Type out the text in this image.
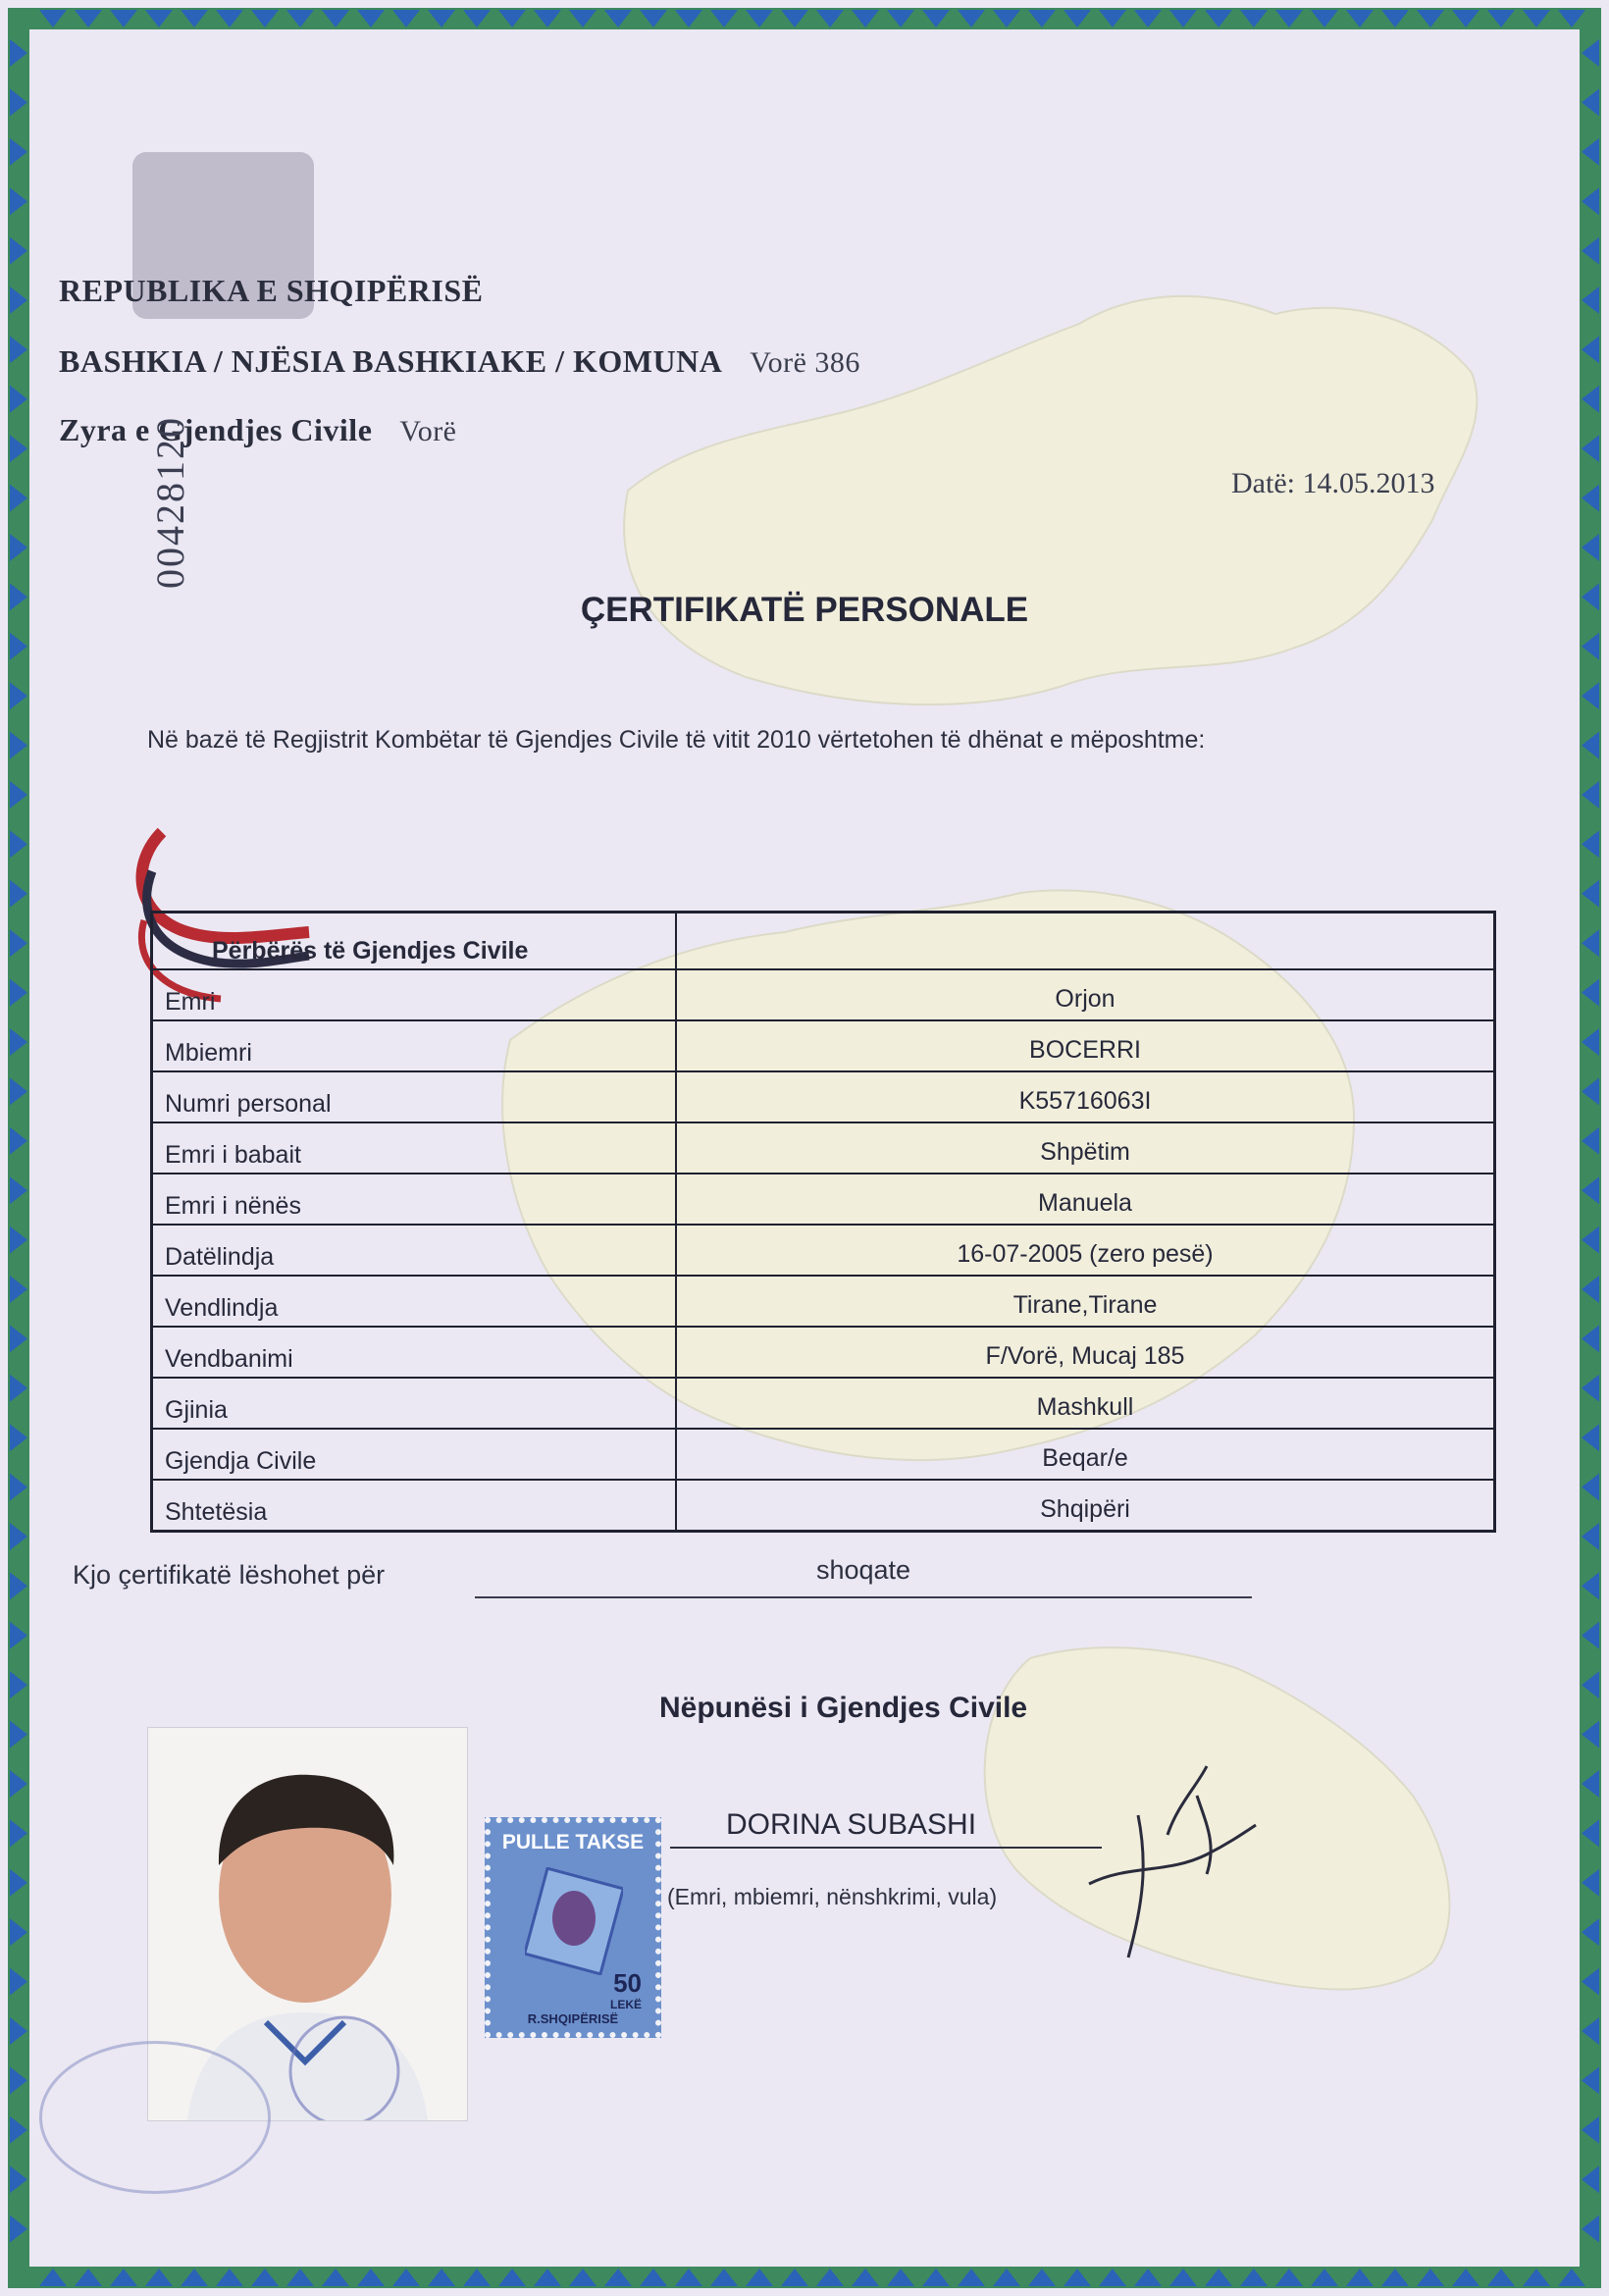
REPUBLIKA E SHQIPËRISË
BASHKIA / NJËSIA BASHKIAKE / KOMUNA Vorë 386
Zyra e Gjendjes Civile Vorë
00428120	Datë: 14.05.2013
ÇERTIFIKATË PERSONALE
Në bazë të Regjistrit Kombëtar të Gjendjes Civile të vitit 2010 vërtetohen të dhënat e mëposhtme:
Përbërës të Gjendjes Civile	
Emri	Orjon
Mbiemri	BOCERRI
Numri personal	K55716063I
Emri i babait	Shpëtim
Emri i nënës	Manuela
Datëlindja	16-07-2005 (zero pesë)
Vendlindja	Tirane,Tirane
Vendbanimi	F/Vorë, Mucaj 185
Gjinia	Mashkull
Gjendja Civile	Beqar/e
Shtetësia	Shqipëri
Kjo çertifikatë lëshohet për	shoqate
Nëpunësi i Gjendjes Civile
DORINA SUBASHI
(Emri, mbiemri, nënshkrimi, vula)
PULLE TAKSE
50
LEKË
R.SHQIPËRISË
